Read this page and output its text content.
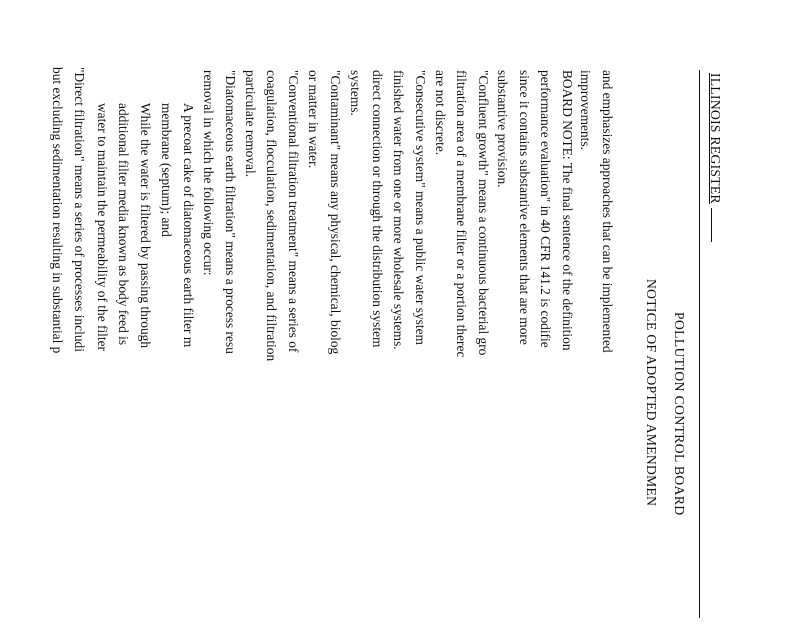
ILLINOIS REGISTER
POLLUTION CONTROL BOARD
NOTICE OF ADOPTED AMENDMEN
and emphasizes approaches that can be implemented
improvements.
BOARD NOTE: The final sentence of the definition
performance evaluation" in 40 CFR 141.2 is codifie
since it contains substantive elements that are more
substantive provision.
"Confluent growth" means a continuous bacterial gro
filtration area of a membrane filter or a portion therec
are not discrete.
"Consecutive system" means a public water system
finished water from one or more wholesale systems.
direct connection or through the distribution system
systems.
"Contaminant" means any physical, chemical, biolog
or matter in water.
"Conventional filtration treatment" means a series of
coagulation, flocculation, sedimentation, and filtration
particulate removal.
"Diatomaceous earth filtration" means a process resu
removal in which the following occur:
A precoat cake of diatomaceous earth filter m
membrane (septum); and
While the water is filtered by passing through
additional filter media known as body feed is
water to maintain the permeability of the filter
"Direct filtration" means a series of processes includi
but excluding sedimentation resulting in substantial p
